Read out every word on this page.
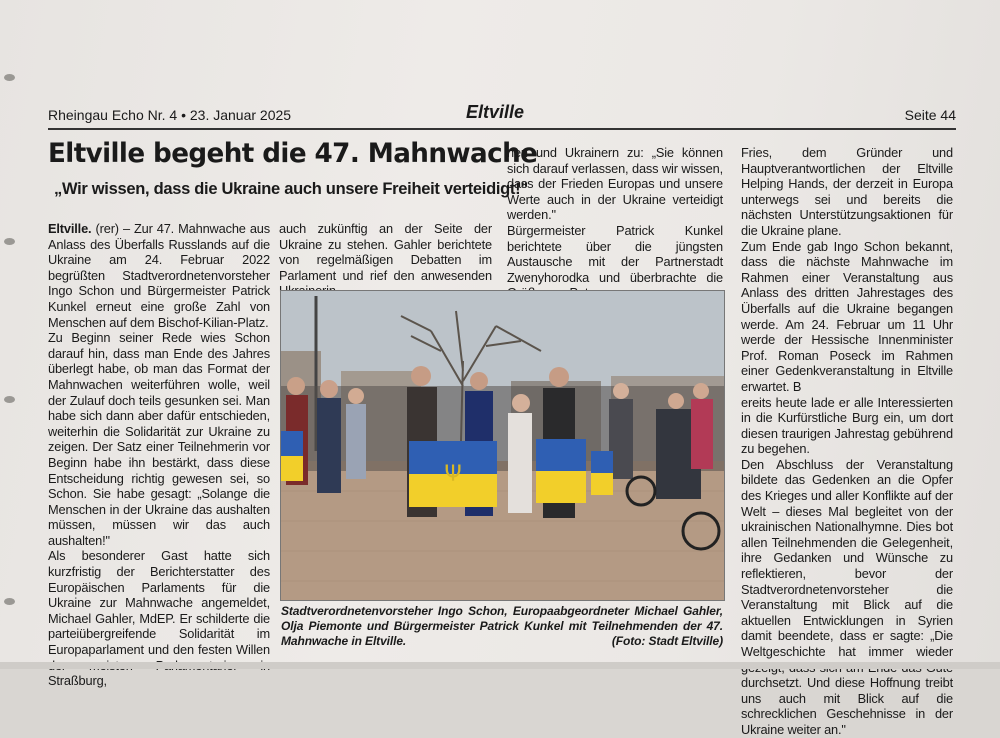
Rheingau Echo Nr. 4 • 23. Januar 2025	Eltville	Seite 44
Eltville begeht die 47. Mahnwache
„Wir wissen, dass die Ukraine auch unsere Freiheit verteidigt!"

Eltville. (rer) – Zur 47. Mahnwache aus Anlass des Überfalls Russlands auf die Ukraine am 24. Februar 2022 begrüßten Stadtverordnetenvorsteher Ingo Schon und Bürgermeister Patrick Kunkel erneut eine große Zahl von Menschen auf dem Bischof-Kilian-Platz.

Zu Beginn seiner Rede wies Schon darauf hin, dass man Ende des Jahres überlegt habe, ob man das Format der Mahnwachen weiterführen wolle, weil der Zulauf doch teils gesunken sei. Man habe sich dann aber dafür entschieden, weiterhin die Solidarität zur Ukraine zu zeigen. Der Satz einer Teilnehmerin vor Beginn habe ihn bestärkt, dass diese Entscheidung richtig gewesen sei, so Schon. Sie habe gesagt: „Solange die Menschen in der Ukraine das aushalten müssen, müssen wir das auch aushalten!"

Als besonderer Gast hatte sich kurzfristig der Berichterstatter des Europäischen Parlaments für die Ukraine zur Mahnwache angemeldet, Michael Gahler, MdEP. Er schilderte die parteiübergreifende Solidarität im Europaparlament und den festen Willen Straßburg,

auch zukünftig an der Seite der Ukraine zu stehen. Gahler berichtete von regelmäßigen Debatten im Parlament und rief den anwesenden

nen und Ukrainern zu: „Sie können sich darauf verlassen, dass wir wissen, dass der Frieden Europas und unsere Werte auch in der Ukraine verteidigt werden."

Bürgermeister Patrick Kunkel berichtete über die jüngsten Austausche mit der Partnerstadt Zwenyhorodka und überbrachte die

Fries, dem Gründer und Hauptverantwortlichen der Eltville Helping Hands, der derzeit in Europa unterwegs sei und bereits die nächsten Unterstützungsaktionen für die Ukraine plane.

Zum Ende gab Ingo Schon bekannt, dass die nächste Mahnwache im Rahmen einer Veranstaltung aus Anlass des dritten Jahrestages des Überfalls auf die Ukraine begangen werde. Am 24. Februar um 11 Uhr werde der Hessische Innenminister Prof. Roman Poseck im Rahmen einer Gedenkveranstaltung in Eltville erwartet. B

ereits heute lade er alle Interessierten in die Kurfürstliche Burg ein, um dort diesen traurigen Jahrestag gebührend zu begehen.

Den Abschluss der Veranstaltung bildete das Gedenken an die Opfer des Krieges und aller Konflikte auf der Welt – dieses Mal begleitet von der ukrainischen Nationalhymne. Dies bot allen Teilnehmenden die Gelegenheit, ihre Gedanken und Wünsche zu reflektieren, bevor der Stadtverordnetenvorsteher die Veranstaltung mit Blick auf die aktuellen Entwicklungen in Syrien damit beendete, dass er sagte: „Die Weltgeschichte hat immer wieder durchsetzt. Und diese Hoffnung treibt uns auch mit Blick auf die schrecklichen Geschehnisse in der Ukraine weiter an."

Ψ
Stadtverordnetenvorsteher Ingo Schon, Europaabgeordneter Michael Gahler, Olja Piemonte und Bürgermeister Patrick Kunkel mit Teilnehmenden der 47. Mahnwache in Eltville.	(Foto: Stadt Eltville)
